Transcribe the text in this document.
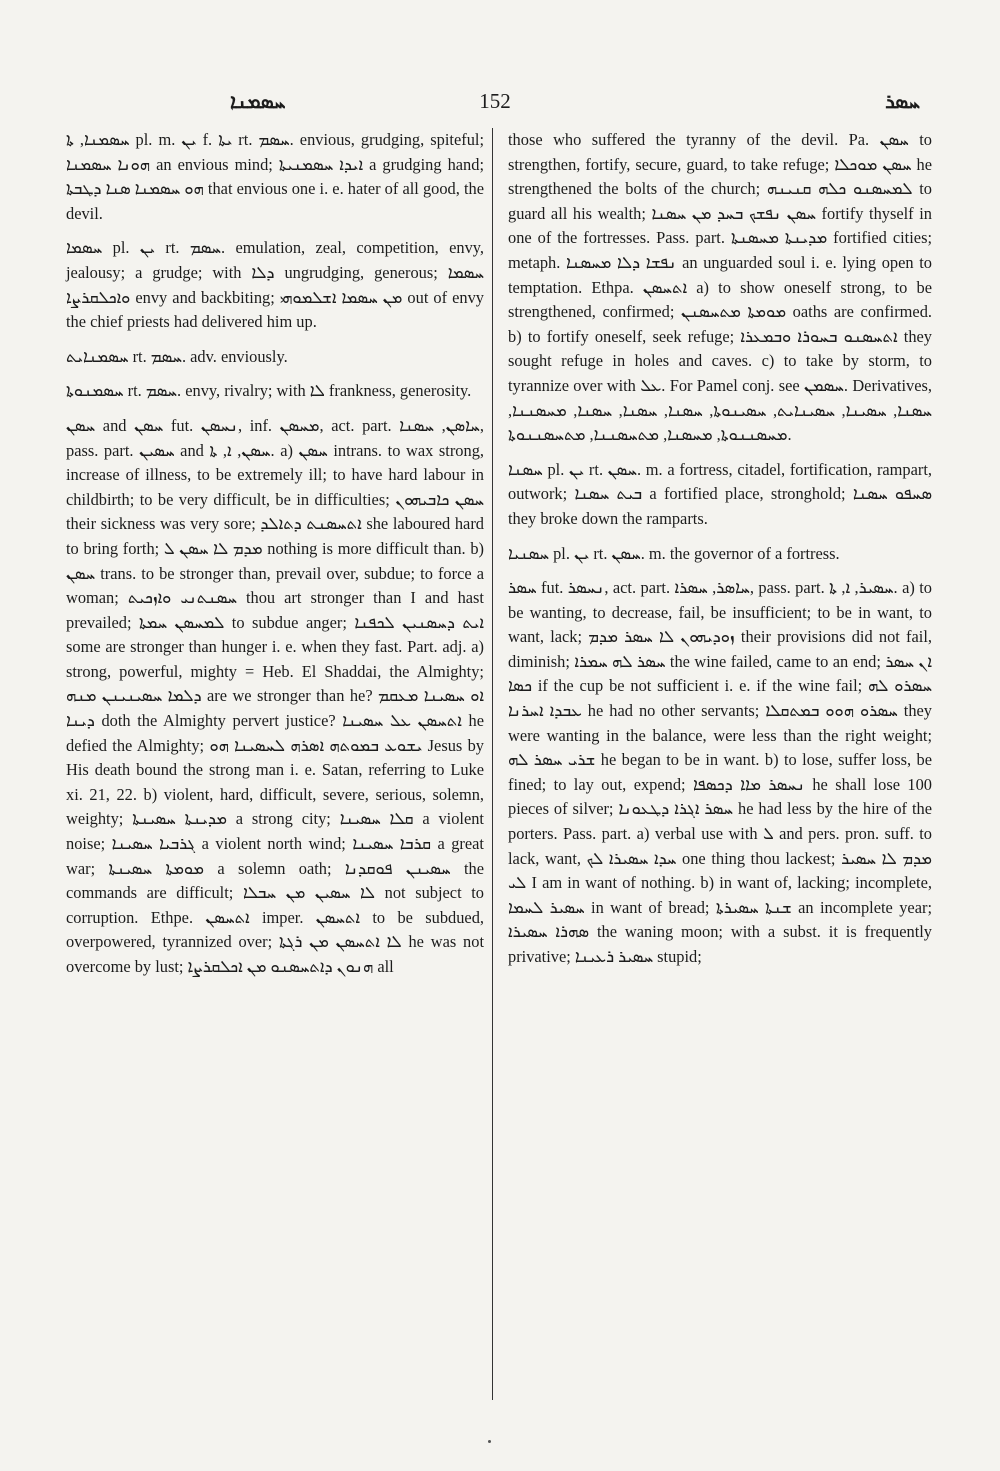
ܚܣܡܢܐ	152	ܚܣܪ

ܚܣܡܢܐ, ܬܐ pl. m. ܝܢ f. ܝܬܐ rt. ܚܣܡ. envious, grudging, spiteful; ܗܘܢܐ ܚܣܡܢܐ an envious mind; ܐܝܕܐ ܚܣܡܢܝܬܐ a grudging hand; ܗܘ ܚܣܡܢܐ ܣܢܐ ܕܛܒܬܐ that envious one i. e. hater of all good, the devil.

ܚܣܡܐ pl. ܝܢ rt. ܚܣܡ. emulation, zeal, competition, envy, jealousy; a grudge; with ܕܠܐ ungrudging, generous; ܚܣܡܐ ܘܐܟܠܩܪܨܐ envy and backbiting; ܡܢ ܚܣܡܐ ܐܫܠܡܘܗܝ out of envy the chief priests had delivered him up.

ܚܣܡܢܐܝܬ rt. ܚܣܡ. adv. enviously.

ܚܣܡܢܘܬܐ rt. ܚܣܡ. envy, rivalry; with ܠܐ frankness, generosity.

ܚܣܢ and ܚܣܢ fut. ܢܚܣܢ, inf. ܡܚܣܢ, act. part. ܚܐܣܢ, ܚܣܢܐ, pass. part. ܚܣܝܢ and ܚܣܢ, ܐ, ܬܐ. a) ܚܣܢ intrans. to wax strong, increase of illness, to be extremely ill; to have hard labour in childbirth; to be very difficult, be in difficulties; ܚܣܢ ܟܐܒܝܗܘܢ their sickness was very sore; ܐܬܚܣܢܬ ܕܬܐܠܕ she laboured hard to bring forth; ܡܕܡ ܠܐ ܚܣܢ ܠ nothing is more difficult than. b) ܚܣܢ trans. to be stronger than, prevail over, subdue; to force a woman; ܚܣܢܬܢܝ ܘܐܙܟܝܬ thou art stronger than I and hast prevailed; ܠܡܚܣܢ ܚܡܬܐ to subdue anger; ܐܝܬ ܕܚܣܢܝܢ ܠܟܦܢܐ some are stronger than hunger i. e. when they fast. Part. adj. a) strong, powerful, mighty = Heb. El Shaddai, the Almighty; ܕܠܡܐ ܚܣܝܢܝܢܢ ܡܢܗ are we stronger than he? ܐܘ ܚܣܝܢܐ ܡܥܩܡ ܕܝܢܐ doth the Almighty pervert justice? ܐܬܚܣܢ ܥܠ ܚܣܝܢܐ he defied the Almighty; ܝܫܘܥ ܒܡܘܬܗ ܐܣܪܗ ܠܚܣܝܢܐ ܗܘ Jesus by His death bound the strong man i. e. Satan, referring to Luke xi. 21, 22. b) violent, hard, difficult, severe, serious, solemn, weighty; ܡܕܝܢܬܐ ܚܣܝܢܬܐ a strong city; ܩܠܐ ܚܣܝܢܐ a violent noise; ܓܪܒܝܐ ܚܣܝܢܐ a violent north wind; ܩܪܒܐ ܚܣܝܢܐ a great war; ܡܘܡܬܐ ܚܣܝܢܬܐ a solemn oath; ܚܣܝܢܢ ܦܘܩܕܢܐ the commands are difficult; ܠܐ ܚܣܝܢ ܡܢ ܚܒܠܐ not subject to corruption. Ethpe. ܐܬܚܣܢ imper. ܐܬܚܣܢ to be subdued, overpowered, tyrannized over; ܠܐ ܐܬܚܣܢ ܡܢ ܪܓܬܐ he was not overcome by lust; ܗܢܘܢ ܕܐܬܚܣܢܘ ܡܢ ܐܟܠܩܪܨܐ all

those who suffered the tyranny of the devil. Pa. ܚܣܢ to strengthen, fortify, secure, guard, to take refuge; ܚܣܢ ܡܘܟܠܐ he strengthened the bolts of the church; ܠܡܚܣܢܘ ܟܠܗ ܩܢܝܢܗ to guard all his wealth; ܚܣܢ ܢܦܫܟ ܒܚܕ ܡܢ ܚܣܢܐ fortify thyself in one of the fortresses. Pass. part. ܡܕܝܢܬܐ ܡܚܣܢܬܐ fortified cities; metaph. ܢܦܫܐ ܕܠܐ ܡܚܣܢܐ an unguarded soul i. e. lying open to temptation. Ethpa. ܐܬܚܣܢ a) to show oneself strong, to be strengthened, confirmed; ܡܘܡܬܐ ܡܬܚܣܢܢ oaths are confirmed. b) to fortify oneself, seek refuge; ܐܬܚܣܢܘ ܒܚܘܪܐ ܘܒܡܥܪܐ they sought refuge in holes and caves. c) to take by storm, to tyrannize over with ܥܠ. For Pamel conj. see ܚܣܡܢ. Derivatives, ܚܣܢܐ, ܚܣܝܢܐ, ܚܣܝܢܐܝܬ, ܚܣܝܢܘܬܐ, ܚܣܢܐ, ܚܣܢܐ, ܚܣܢܐ, ܡܚܣܢܢܐ, ܡܚܣܢܢܘܬܐ, ܡܚܣܢܐ, ܡܬܚܣܢܢܐ, ܡܬܚܣܢܢܘܬܐ.

ܚܣܢܐ pl. ܝܢ rt. ܚܣܢ. m. a fortress, citadel, fortification, rampart, outwork; ܒܝܬ ܚܣܢܐ a fortified place, stronghold; ܣܚܦܘ ܚܣܢܐ they broke down the ramparts.

ܚܣܢܝܐ pl. ܝܢ rt. ܚܣܢ. m. the governor of a fortress.

ܚܣܪ fut. ܢܚܣܪ, act. part. ܚܐܣܪ, ܚܣܪܐ, pass. part. ܚܣܝܪ, ܐ, ܬܐ. a) to be wanting, to decrease, fail, be insufficient; to be in want, to want, lack; ܙܘܕܝܗܘܢ ܠܐ ܚܣܪ ܡܕܡ their provisions did not fail, diminish; ܚܣܪ ܠܗ ܚܡܪܐ the wine failed, came to an end; ܐܢ ܚܣܪ ܟܣܐ if the cup be not sufficient i. e. if the wine fail; ܚܣܪܘ ܠܗ ܥܒܕܐ ܐܚܪܢܐ he had no other servants; ܚܣܪܘ ܗܘܘ ܒܡܬܩܠܐ they were wanting in the balance, were less than the right weight; ܫܪܝ ܚܣܪ ܠܗ he began to be in want. b) to lose, suffer loss, be fined; to lay out, expend; ܢܚܣܪ ܡܐܐ ܕܟܣܦܐ he shall lose 100 pieces of silver; ܚܣܪ ܐܓܪܐ ܕܛܥܘܢܐ he had less by the hire of the porters. Pass. part. a) verbal use with ܠ and pers. pron. suff. to lack, want, ܚܕܐ ܚܣܝܪܐ ܠܟ one thing thou lackest; ܡܕܡ ܠܐ ܚܣܝܪ ܠܝ I am in want of nothing. b) in want of, lacking; incomplete, ܚܣܝܪ ܠܚܡܐ in want of bread; ܫܢܬܐ ܚܣܝܪܬܐ an incomplete year; ܣܗܪܐ ܚܣܝܪܐ the waning moon; with a subst. it is frequently privative; ܚܣܝܪ ܪܥܝܢܐ stupid;
